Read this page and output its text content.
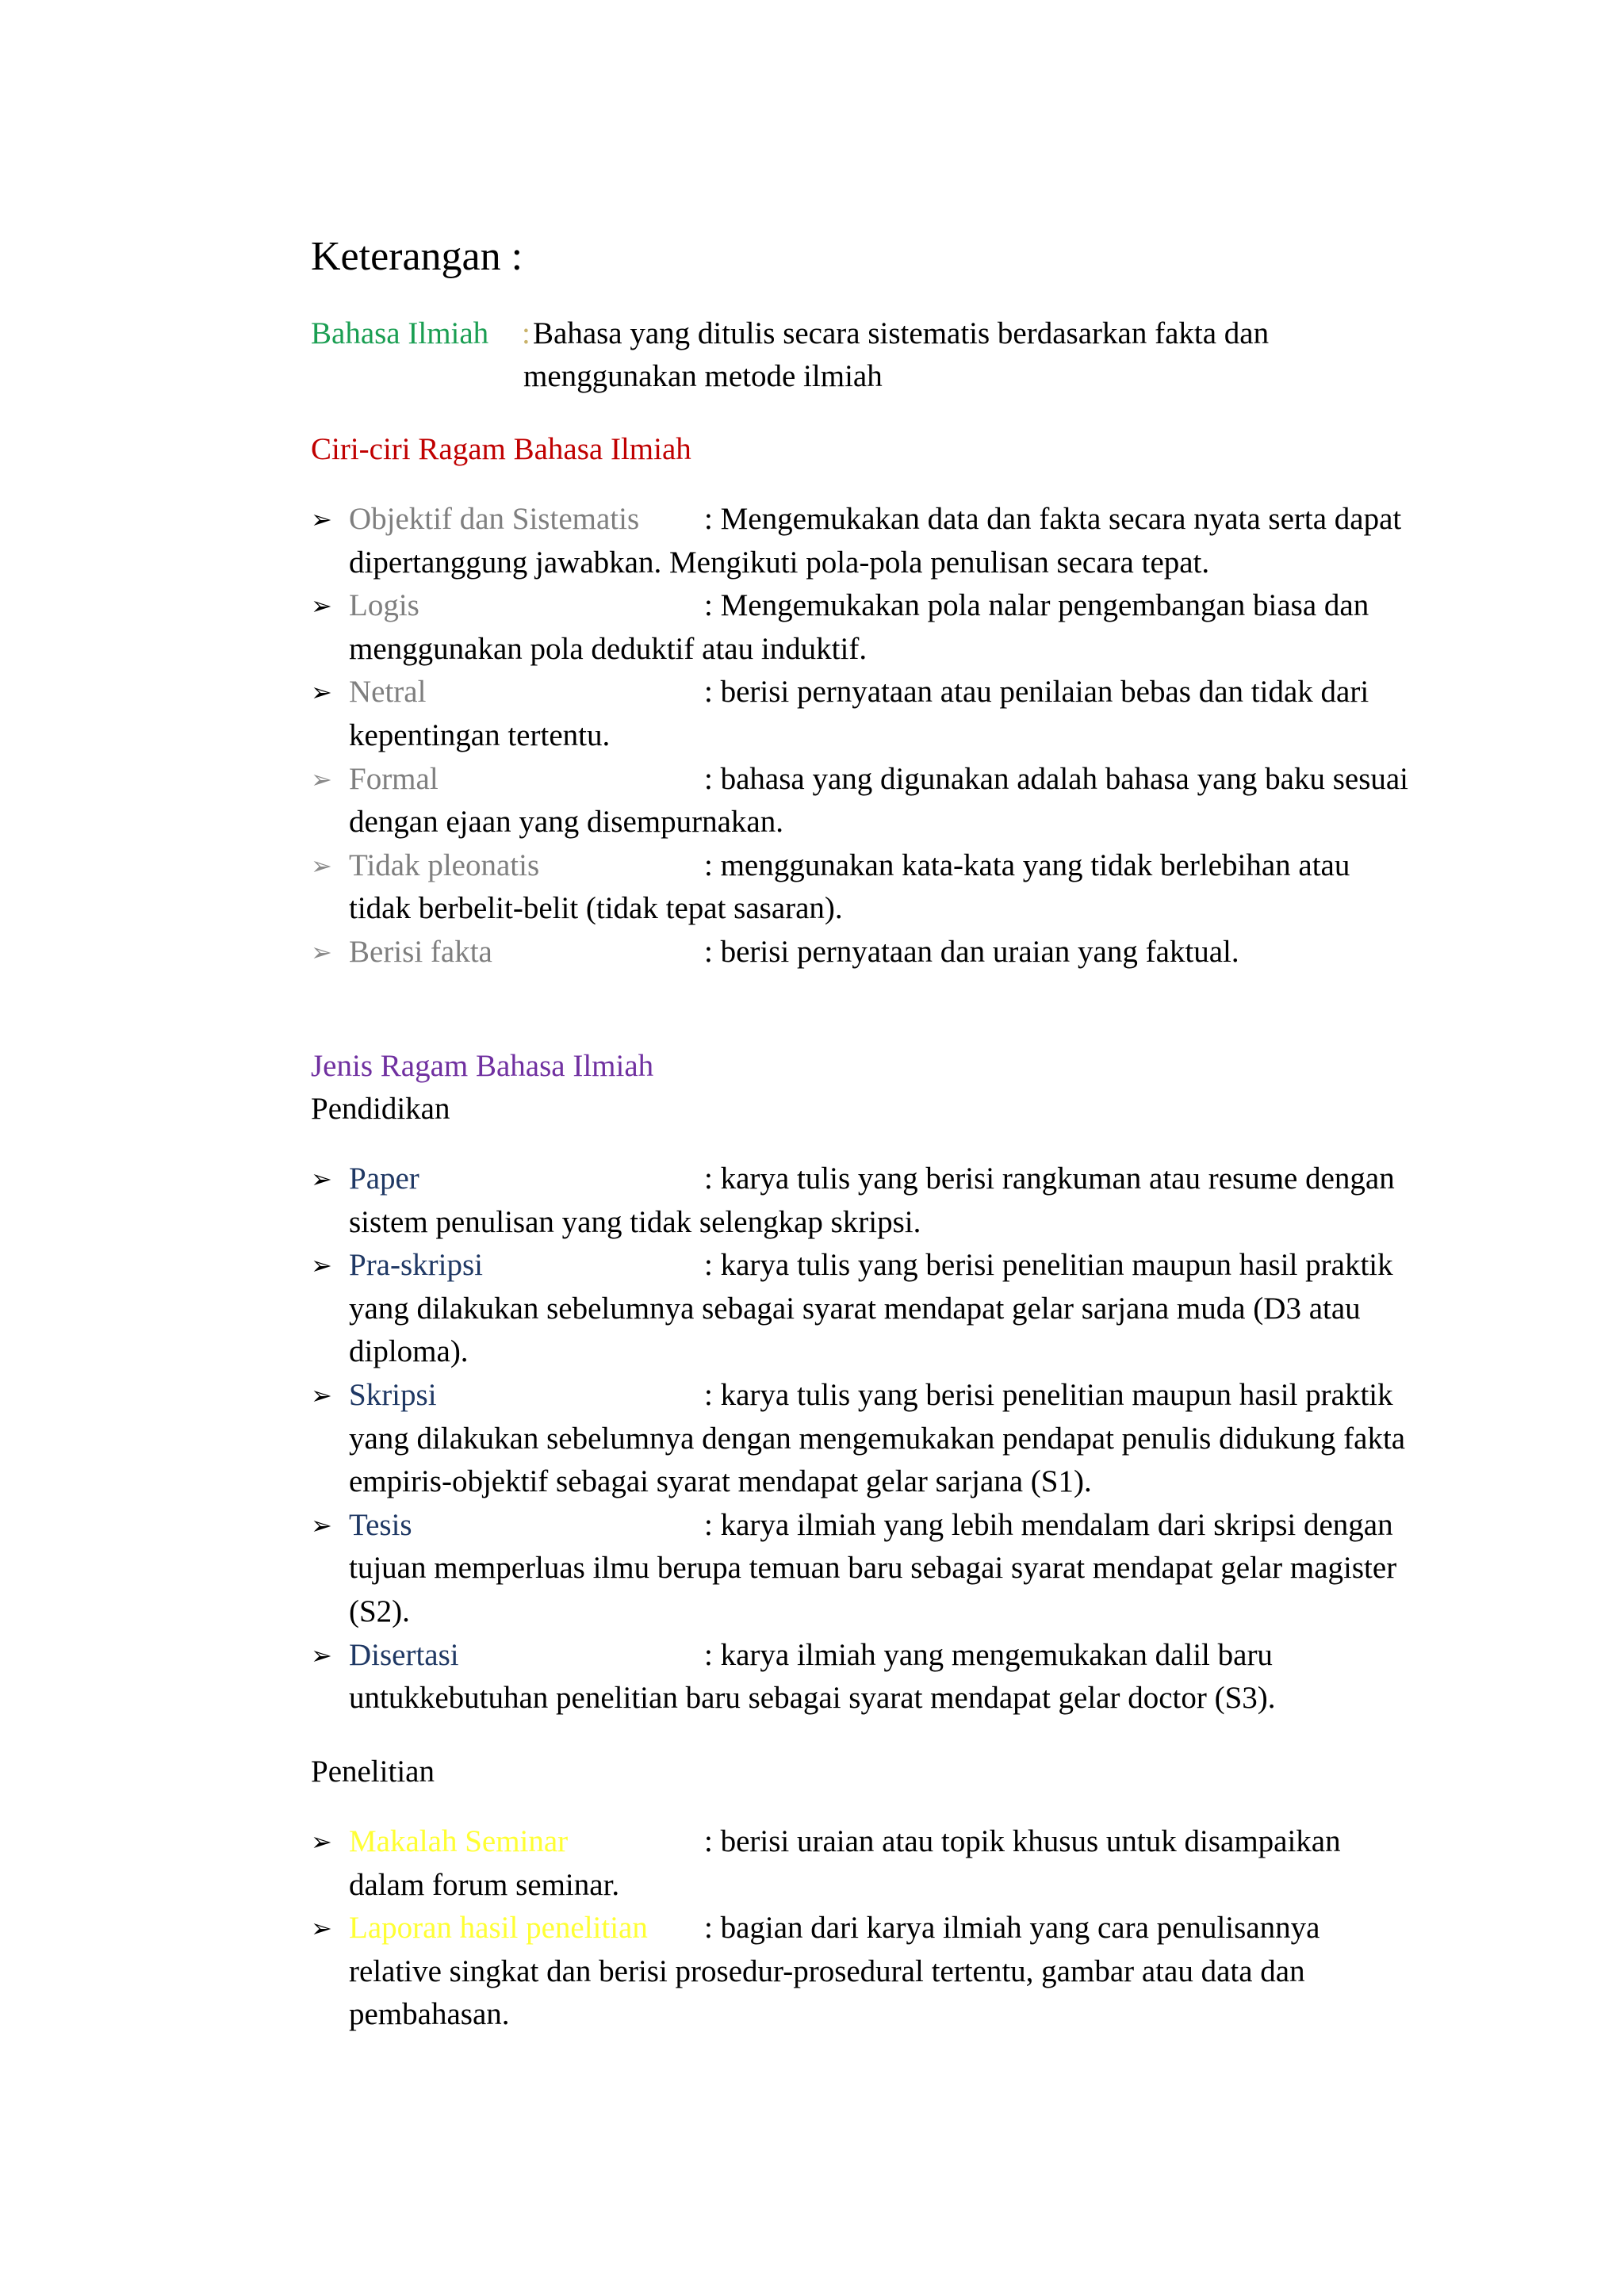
Keterangan :
Bahasa Ilmiah : Bahasa yang ditulis secara sistematis berdasarkan fakta dan menggunakan metode ilmiah
Ciri-ciri Ragam Bahasa Ilmiah
➢ Objektif dan Sistematis : Mengemukakan data dan fakta secara nyata serta dapat dipertanggung jawabkan. Mengikuti pola-pola penulisan secara tepat.
➢ Logis	: Mengemukakan pola nalar pengembangan biasa dan menggunakan pola deduktif atau induktif.
➢ Netral	: berisi pernyataan atau penilaian bebas dan tidak dari kepentingan tertentu.
➢ Formal	: bahasa yang digunakan adalah bahasa yang baku sesuai dengan ejaan yang disempurnakan.
➢ Tidak pleonatis	: menggunakan kata-kata yang tidak berlebihan atau tidak berbelit-belit (tidak tepat sasaran).
➢ Berisi fakta	: berisi pernyataan dan uraian yang faktual.
Jenis Ragam Bahasa Ilmiah
Pendidikan
➢ Paper	: karya tulis yang berisi rangkuman atau resume dengan sistem penulisan yang tidak selengkap skripsi.
➢ Pra-skripsi	: karya tulis yang berisi penelitian maupun hasil praktik yang dilakukan sebelumnya sebagai syarat mendapat gelar sarjana muda (D3 atau diploma).
➢ Skripsi	: karya tulis yang berisi penelitian maupun hasil praktik yang dilakukan sebelumnya dengan mengemukakan pendapat penulis didukung fakta empiris-objektif sebagai syarat mendapat gelar sarjana (S1).
➢ Tesis	: karya ilmiah yang lebih mendalam dari skripsi dengan tujuan memperluas ilmu berupa temuan baru sebagai syarat mendapat gelar magister (S2).
➢ Disertasi	: karya ilmiah yang mengemukakan dalil baru untukkebutuhan penelitian baru sebagai syarat mendapat gelar doctor (S3).
Penelitian
➢ Makalah Seminar	: berisi uraian atau topik khusus untuk disampaikan dalam forum seminar.
➢ Laporan hasil penelitian : bagian dari karya ilmiah yang cara penulisannya relative singkat dan berisi prosedur-prosedural tertentu, gambar atau data dan pembahasan.
